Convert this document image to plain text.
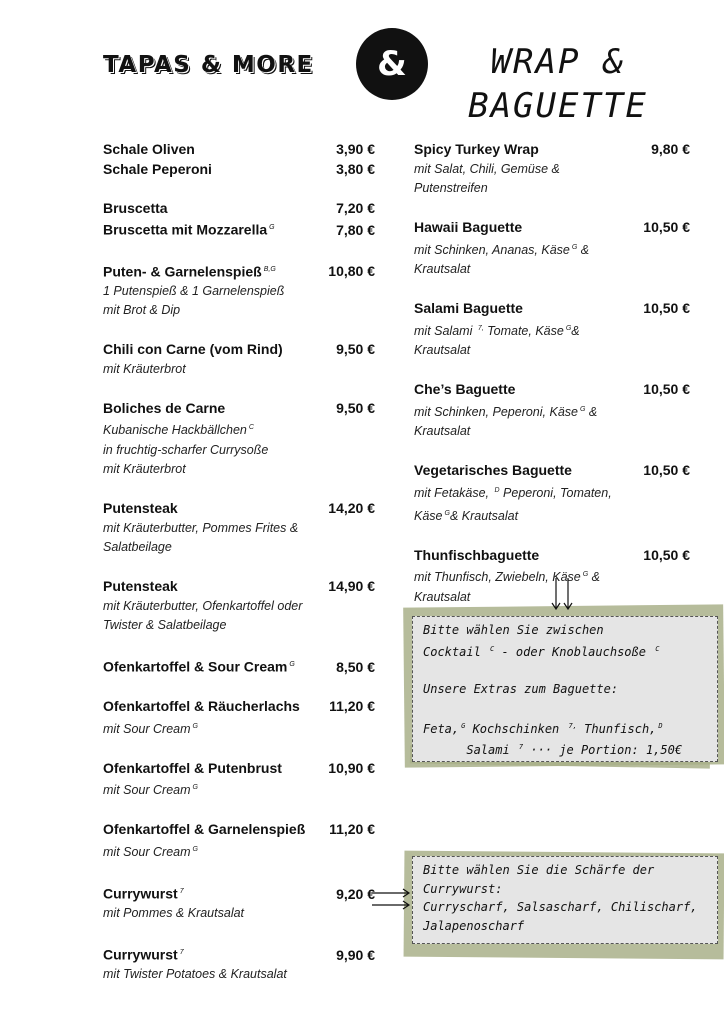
TAPAS & MORE	&	WRAP &
BAGUETTE
Schale Oliven	3,90 €
Schale Peperoni	3,80 €
Bruscetta	7,20 €
Bruscetta mit Mozzarella $^G$	7,80 €
Puten- & Garnelenspieß $^{B,G}$	10,80 €
1 Putenspieß & 1 Garnelenspieß
mit Brot & Dip
Chili con Carne (vom Rind)	9,50 €
mit Kräuterbrot
Boliches de Carne	9,50 €
Kubanische Hackbällchen $^C$
in fruchtig-scharfer Currysoße
mit Kräuterbrot
Putensteak	14,20 €
mit Kräuterbutter, Pommes Frites &
Salatbeilage
Putensteak	14,90 €
mit Kräuterbutter, Ofenkartoffel oder
Twister & Salatbeilage
Ofenkartoffel & Sour Cream $^G$	8,50 €
Ofenkartoffel & Räucherlachs 11,20 €
mit Sour Cream $^G$
Ofenkartoffel & Putenbrust	10,90 €
mit Sour Cream $^G$
Ofenkartoffel & Garnelenspieß 11,20 €
mit Sour Cream $^G$
Currywurst $^7$	9,20 €
mit Pommes & Krautsalat
Currywurst $^7$	9,90 €
mit Twister Potatoes & Krautsalat
Spicy Turkey Wrap	9,80 €
mit Salat, Chili, Gemüse &
Putenstreifen
Hawaii Baguette	10,50 €
mit Schinken, Ananas, Käse $^G$ &
Krautsalat
Salami Baguette	10,50 €
mit Salami $^{7,}$ Tomate, Käse $^G$&
Krautsalat
Che’s Baguette	10,50 €
mit Schinken, Peperoni, Käse $^G$ &
Krautsalat
Vegetarisches Baguette	10,50 €
mit Fetakäse, $^D$ Peperoni, Tomaten,
Käse $^G$& Krautsalat
Thunfischbaguette	10,50 €
mit Thunfisch, Zwiebeln, Käse $^G$ &
Krautsalat
Bitte wählen Sie zwischen
Cocktail $^C$ - oder Knoblauchsoße $^C$

Unsere Extras zum Baguette:

Feta, $^G$ Kochschinken $^{7,}$ Thunfisch, $^D$
Salami $^7$ ··· je Portion: 1,50€
Bitte wählen Sie die Schärfe der
Currywurst:
Curryscharf, Salsascharf, Chilischarf,
Jalapenoscharf
